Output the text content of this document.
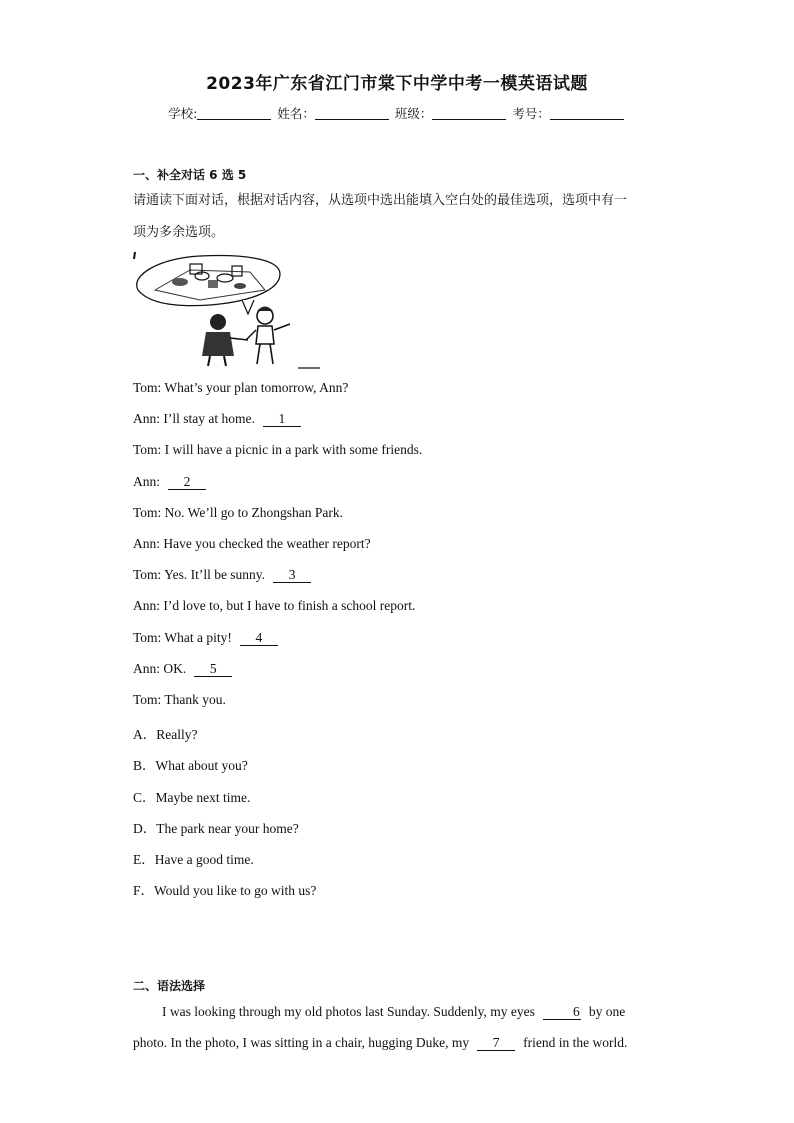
2023年广东省江门市棠下中学中考一模英语试题
学校:	姓名：	班级：	考号：
一、补全对话 6 选 5
请通读下面对话，根据对话内容，从选项中选出能填入空白处的最佳选项，选项中有一
项为多余选项。
Tom: What’s your plan tomorrow, Ann?
Ann: I’ll stay at home. 1
Tom: I will have a picnic in a park with some friends.
Ann: 2
Tom: No. We’ll go to Zhongshan Park.
Ann: Have you checked the weather report?
Tom: Yes. It’ll be sunny. 3
Ann: I’d love to, but I have to finish a school report.
Tom: What a pity! 4
Ann: OK. 5
Tom: Thank you.
A．Really?
B．What about you?
C．Maybe next time.
D．The park near your home?
E．Have a good time.
F．Would you like to go with us?
二、语法选择
I was looking through my old photos last Sunday. Suddenly, my eyes	6 by one
photo. In the photo, I was sitting in a chair, hugging Duke, my 7 friend in the world.
